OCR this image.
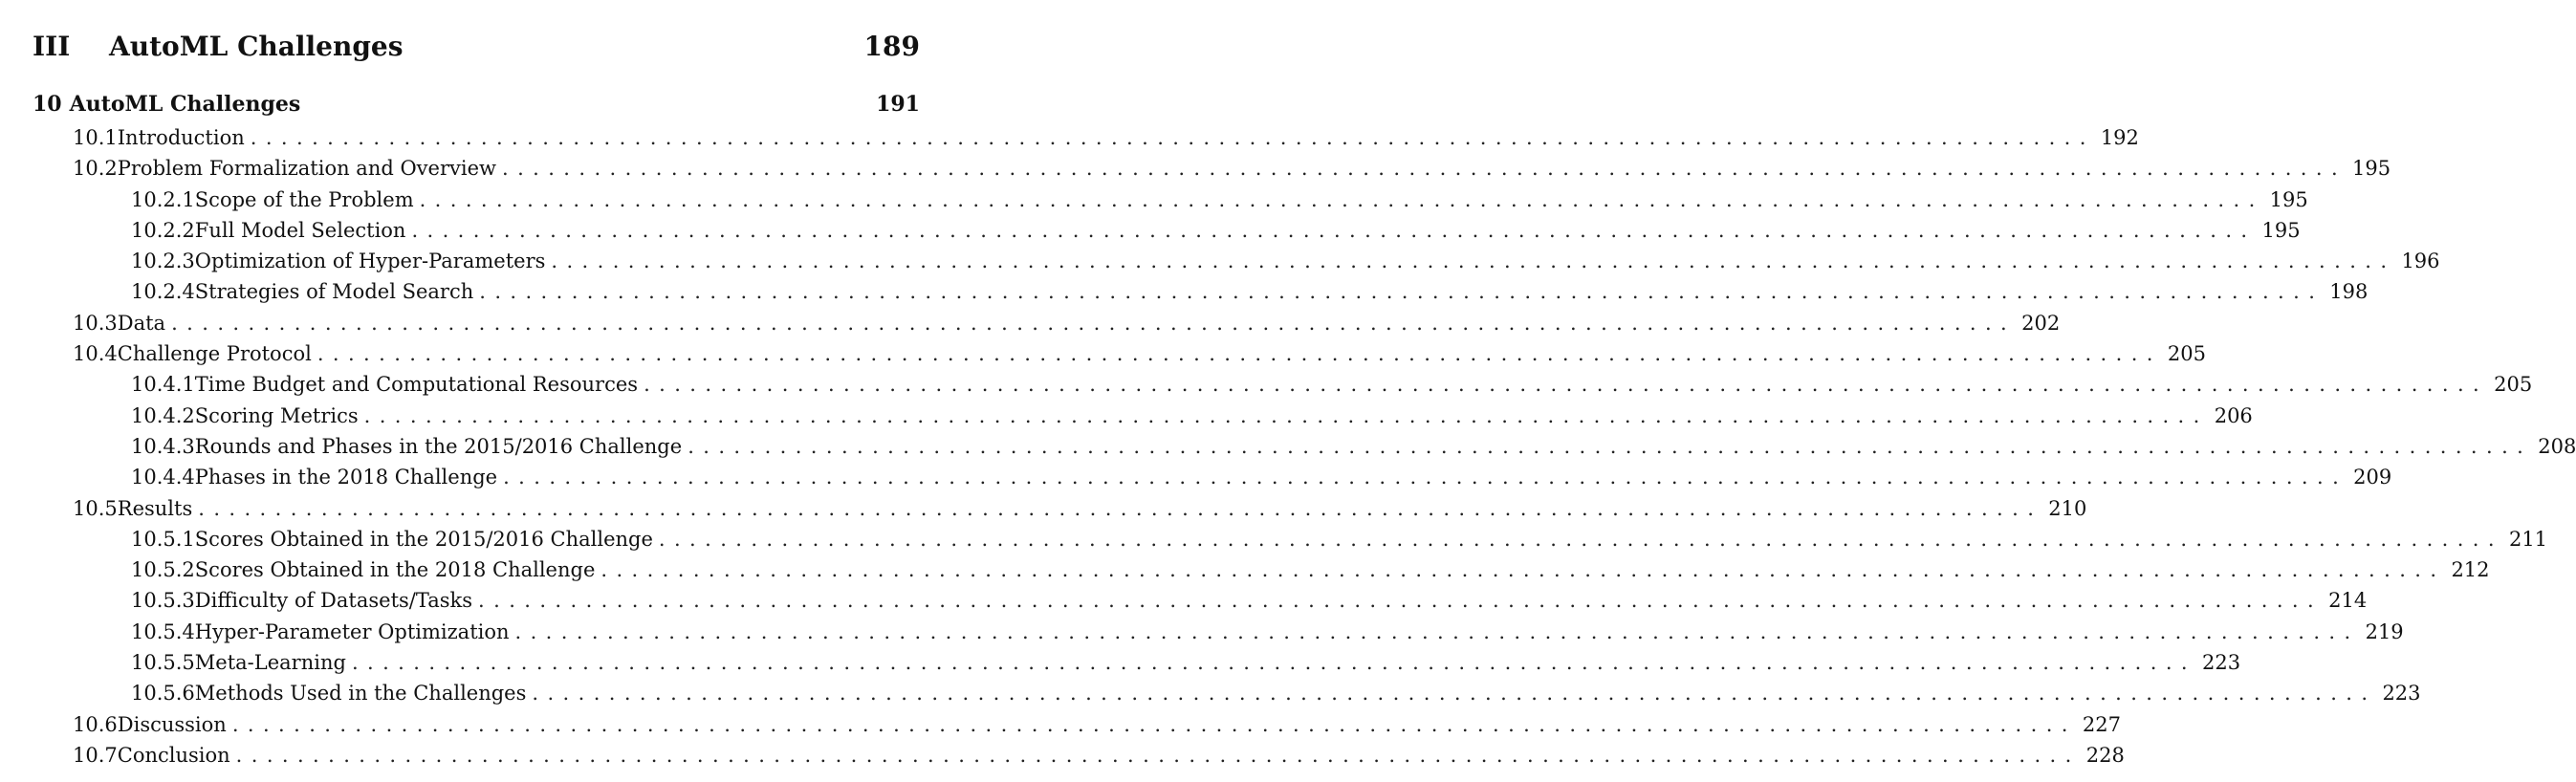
III	AutoML Challenges	189
10 AutoML Challenges	191
10.1 Introduction ........................................................................................................................ 192
10.2 Problem Formalization and Overview ........................................................................................................................ 195
10.2.1 Scope of the Problem ........................................................................................................................ 195
10.2.2 Full Model Selection ........................................................................................................................ 195
10.2.3 Optimization of Hyper-Parameters ........................................................................................................................ 196
10.2.4 Strategies of Model Search ........................................................................................................................ 198
10.3 Data ........................................................................................................................ 202
10.4 Challenge Protocol ........................................................................................................................ 205
10.4.1 Time Budget and Computational Resources ........................................................................................................................ 205
10.4.2 Scoring Metrics ........................................................................................................................ 206
10.4.3 Rounds and Phases in the 2015/2016 Challenge ........................................................................................................................ 208
10.4.4 Phases in the 2018 Challenge ........................................................................................................................ 209
10.5 Results ........................................................................................................................ 210
10.5.1 Scores Obtained in the 2015/2016 Challenge ........................................................................................................................ 211
10.5.2 Scores Obtained in the 2018 Challenge ........................................................................................................................ 212
10.5.3 Difficulty of Datasets/Tasks ........................................................................................................................ 214
10.5.4 Hyper-Parameter Optimization ........................................................................................................................ 219
10.5.5 Meta-Learning ........................................................................................................................ 223
10.5.6 Methods Used in the Challenges ........................................................................................................................ 223
10.6 Discussion ........................................................................................................................ 227
10.7 Conclusion ........................................................................................................................ 228
